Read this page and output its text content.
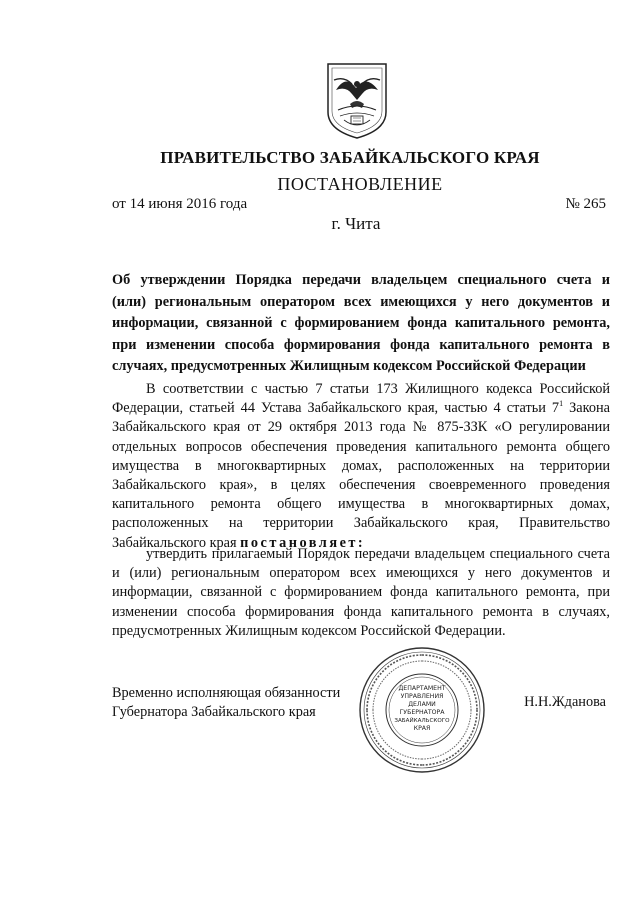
ПРАВИТЕЛЬСТВО ЗАБАЙКАЛЬСКОГО КРАЯ
ПОСТАНОВЛЕНИЕ
от 14 июня 2016 года	№ 265
г. Чита
Об утверждении Порядка передачи владельцем специального счета и
(или) региональным оператором всех имеющихся у него документов и
информации, связанной с формированием фонда капитального ремонта,
при изменении способа формирования фонда капитального ремонта в
случаях, предусмотренных Жилищным кодексом Российской Федерации

В соответствии с частью 7 статьи 173 Жилищного кодекса Российской Федерации, статьей 44 Устава Забайкальского края, частью 4 статьи $7^1$ Закона Забайкальского края от 29 октября 2013 года № 875-ЗЗК «О регулировании отдельных вопросов обеспечения проведения капитального ремонта общего имущества в многоквартирных домах, расположенных на территории Забайкальского края», в целях обеспечения своевременного проведения капитального ремонта общего имущества в многоквартирных домах, расположенных на территории Забайкальского края, Правительство Забайкальского края постановляет:

утвердить прилагаемый Порядок передачи владельцем специального счета и (или) региональным оператором всех имеющихся у него документов и информации, связанной с формированием фонда капитального ремонта, при изменении способа формирования фонда капитального ремонта в случаях, предусмотренных Жилищным кодексом Российской Федерации.

Временно исполняющая обязанности
Губернатора Забайкальского края
ДЕПАРТАМЕНТ
УПРАВЛЕНИЯ
ДЕЛАМИ
ГУБЕРНАТОРА
ЗАБАЙКАЛЬСКОГО
КРАЯ
Н.Н.Жданова
